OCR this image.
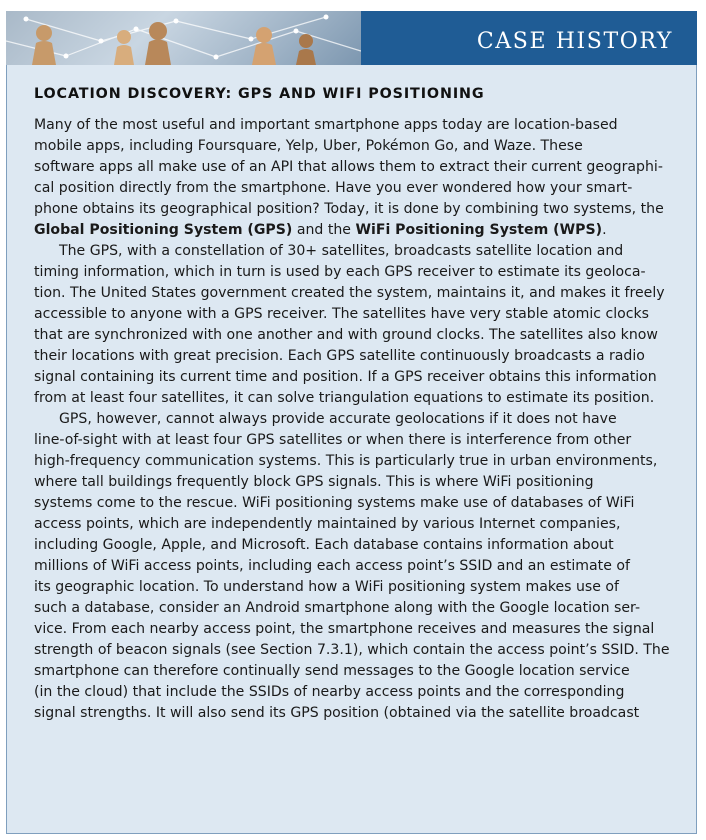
CASE HISTORY
LOCATION DISCOVERY: GPS AND WIFI POSITIONING
Many of the most useful and important smartphone apps today are location-based
mobile apps, including Foursquare, Yelp, Uber, Pokémon Go, and Waze. These
software apps all make use of an API that allows them to extract their current geographi-
cal position directly from the smartphone. Have you ever wondered how your smart-
phone obtains its geographical position? Today, it is done by combining two systems, the
Global Positioning System (GPS) and the WiFi Positioning System (WPS).
The GPS, with a constellation of 30+ satellites, broadcasts satellite location and
timing information, which in turn is used by each GPS receiver to estimate its geoloca-
tion. The United States government created the system, maintains it, and makes it freely
accessible to anyone with a GPS receiver. The satellites have very stable atomic clocks
that are synchronized with one another and with ground clocks. The satellites also know
their locations with great precision. Each GPS satellite continuously broadcasts a radio
signal containing its current time and position. If a GPS receiver obtains this information
from at least four satellites, it can solve triangulation equations to estimate its position.
GPS, however, cannot always provide accurate geolocations if it does not have
line-of-sight with at least four GPS satellites or when there is interference from other
high-frequency communication systems. This is particularly true in urban environments,
where tall buildings frequently block GPS signals. This is where WiFi positioning
systems come to the rescue. WiFi positioning systems make use of databases of WiFi
access points, which are independently maintained by various Internet companies,
including Google, Apple, and Microsoft. Each database contains information about
millions of WiFi access points, including each access point’s SSID and an estimate of
its geographic location. To understand how a WiFi positioning system makes use of
such a database, consider an Android smartphone along with the Google location ser-
vice. From each nearby access point, the smartphone receives and measures the signal
strength of beacon signals (see Section 7.3.1), which contain the access point’s SSID. The
smartphone can therefore continually send messages to the Google location service
(in the cloud) that include the SSIDs of nearby access points and the corresponding
signal strengths. It will also send its GPS position (obtained via the satellite broadcast
